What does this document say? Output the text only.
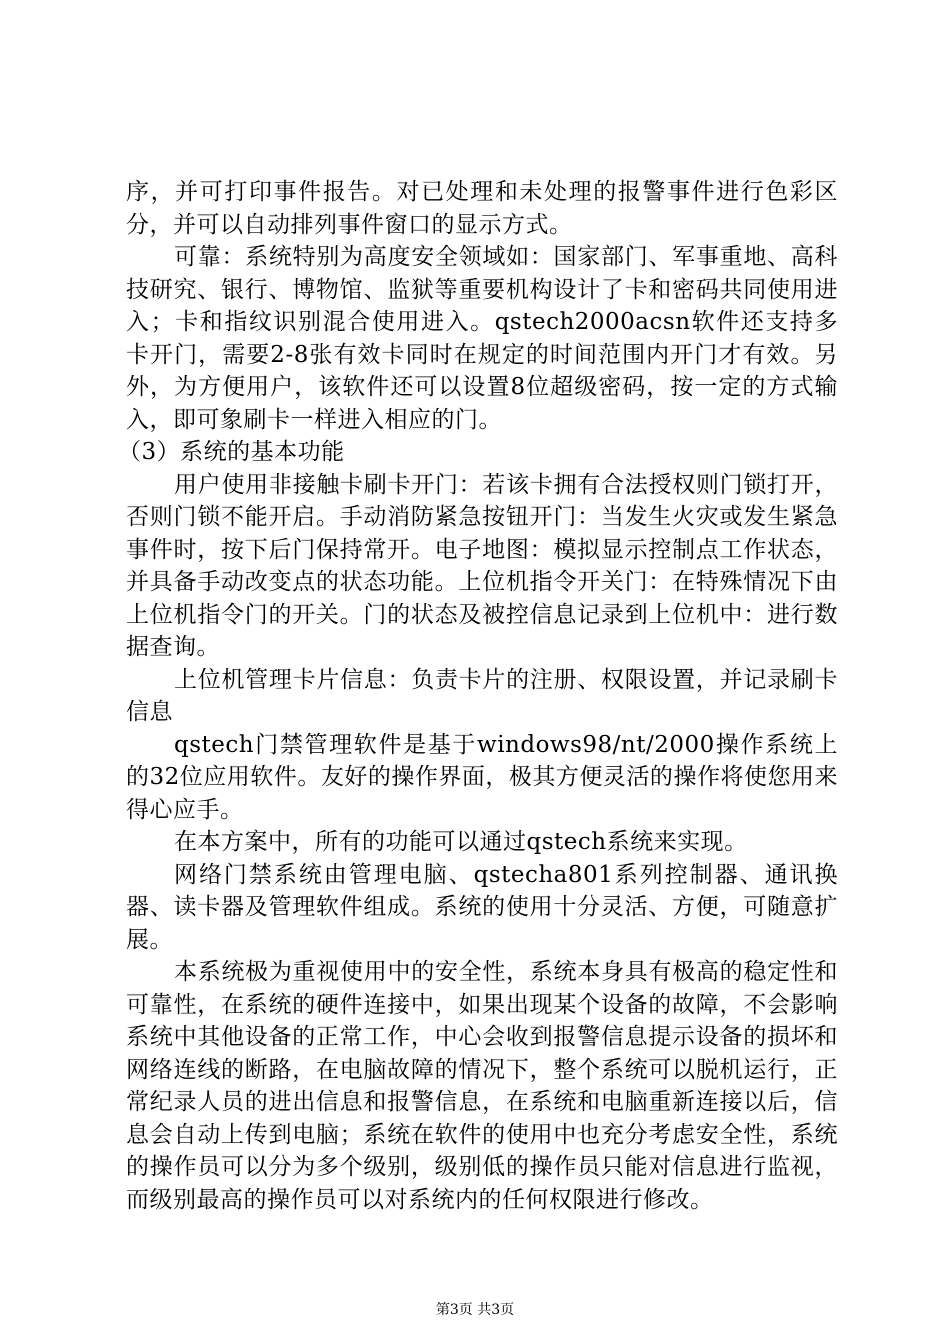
序，并可打印事件报告。对已处理和未处理的报警事件进行色彩区分，并可以自动排列事件窗口的显示方式。

可靠：系统特别为高度安全领域如：国家部门、军事重地、高科技研究、银行、博物馆、监狱等重要机构设计了卡和密码共同使用进入；卡和指纹识别混合使用进入。qstech2000acsn软件还支持多卡开门，需要2-8张有效卡同时在规定的时间范围内开门才有效。另外，为方便用户，该软件还可以设置8位超级密码，按一定的方式输入，即可象刷卡一样进入相应的门。

（3）系统的基本功能

用户使用非接触卡刷卡开门：若该卡拥有合法授权则门锁打开，否则门锁不能开启。手动消防紧急按钮开门：当发生火灾或发生紧急事件时，按下后门保持常开。电子地图：模拟显示控制点工作状态，并具备手动改变点的状态功能。上位机指令开关门：在特殊情况下由上位机指令门的开关。门的状态及被控信息记录到上位机中：进行数据查询。

上位机管理卡片信息：负责卡片的注册、权限设置，并记录刷卡信息

qstech门禁管理软件是基于windows98/nt/2000操作系统上的32位应用软件。友好的操作界面，极其方便灵活的操作将使您用来得心应手。

在本方案中，所有的功能可以通过qstech系统来实现。

网络门禁系统由管理电脑、qstecha801系列控制器、通讯换器、读卡器及管理软件组成。系统的使用十分灵活、方便，可随意扩展。

本系统极为重视使用中的安全性，系统本身具有极高的稳定性和可靠性，在系统的硬件连接中，如果出现某个设备的故障，不会影响系统中其他设备的正常工作，中心会收到报警信息提示设备的损坏和网络连线的断路，在电脑故障的情况下，整个系统可以脱机运行，正常纪录人员的进出信息和报警信息，在系统和电脑重新连接以后，信息会自动上传到电脑；系统在软件的使用中也充分考虑安全性，系统的操作员可以分为多个级别，级别低的操作员只能对信息进行监视，而级别最高的操作员可以对系统内的任何权限进行修改。

第3页 共3页
